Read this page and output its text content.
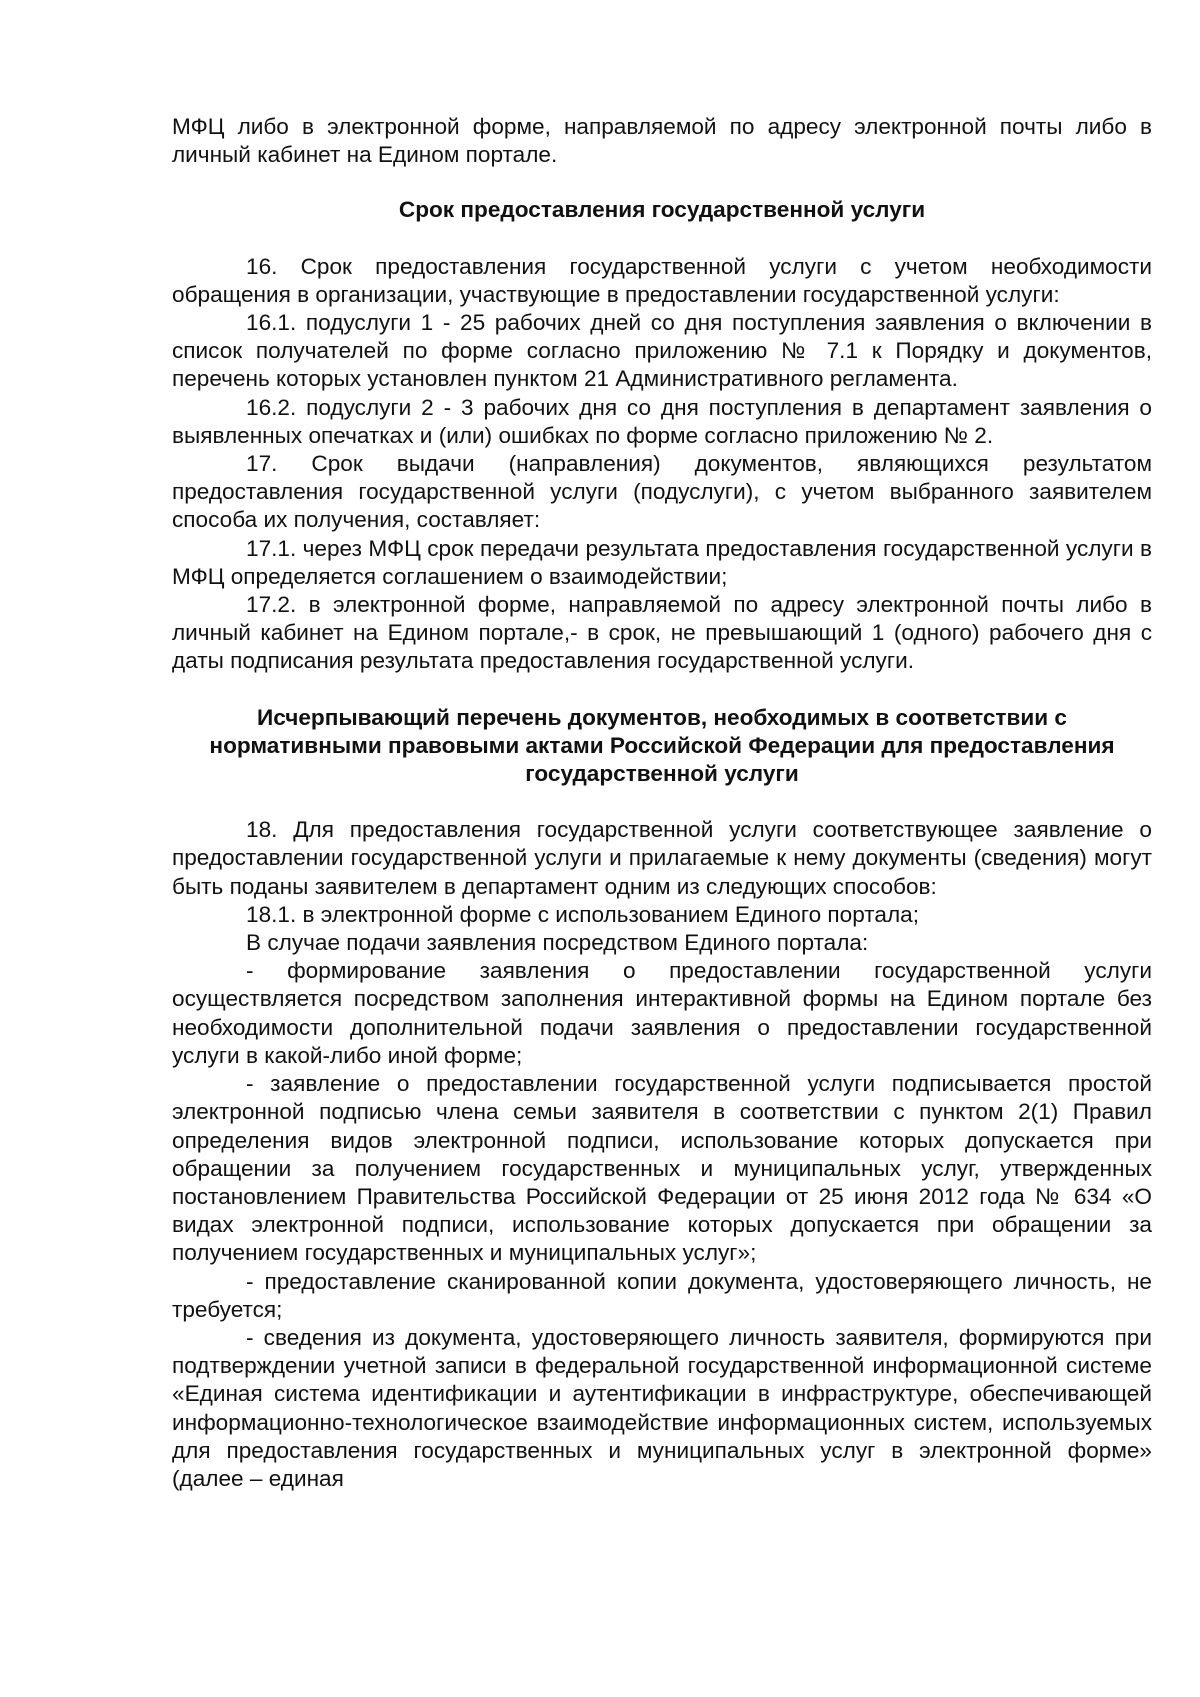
МФЦ либо в электронной форме, направляемой по адресу электронной почты либо в личный кабинет на Едином портале.

Срок предоставления государственной услуги

16. Срок предоставления государственной услуги с учетом необходимости обращения в организации, участвующие в предоставлении государственной услуги:

16.1. подуслуги 1 - 25 рабочих дней со дня поступления заявления о включении в список получателей по форме согласно приложению № 7.1 к Порядку и документов, перечень которых установлен пунктом 21 Административного регламента.

16.2. подуслуги 2 - 3 рабочих дня со дня поступления в департамент заявления о выявленных опечатках и (или) ошибках по форме согласно приложению № 2.

17. Срок выдачи (направления) документов, являющихся результатом предоставления государственной услуги (подуслуги), с учетом выбранного заявителем способа их получения, составляет:

17.1. через МФЦ срок передачи результата предоставления государственной услуги в МФЦ определяется соглашением о взаимодействии;

17.2. в электронной форме, направляемой по адресу электронной почты либо в личный кабинет на Едином портале,- в срок, не превышающий 1 (одного) рабочего дня с даты подписания результата предоставления государственной услуги.

Исчерпывающий перечень документов, необходимых в соответствии с нормативными правовыми актами Российской Федерации для предоставления государственной услуги

18. Для предоставления государственной услуги соответствующее заявление о предоставлении государственной услуги и прилагаемые к нему документы (сведения) могут быть поданы заявителем в департамент одним из следующих способов:

18.1. в электронной форме с использованием Единого портала;

В случае подачи заявления посредством Единого портала:

- формирование заявления о предоставлении государственной услуги осуществляется посредством заполнения интерактивной формы на Едином портале без необходимости дополнительной подачи заявления о предоставлении государственной услуги в какой-либо иной форме;

- заявление о предоставлении государственной услуги подписывается простой электронной подписью члена семьи заявителя в соответствии с пунктом 2(1) Правил определения видов электронной подписи, использование которых допускается при обращении за получением государственных и муниципальных услуг, утвержденных постановлением Правительства Российской Федерации от 25 июня 2012 года № 634 «О видах электронной подписи, использование которых допускается при обращении за получением государственных и муниципальных услуг»;

- предоставление сканированной копии документа, удостоверяющего личность, не требуется;

- сведения из документа, удостоверяющего личность заявителя, формируются при подтверждении учетной записи в федеральной государственной информационной системе «Единая система идентификации и аутентификации в инфраструктуре, обеспечивающей информационно-технологическое взаимодействие информационных систем, используемых для предоставления государственных и муниципальных услуг в электронной форме» (далее – единая
